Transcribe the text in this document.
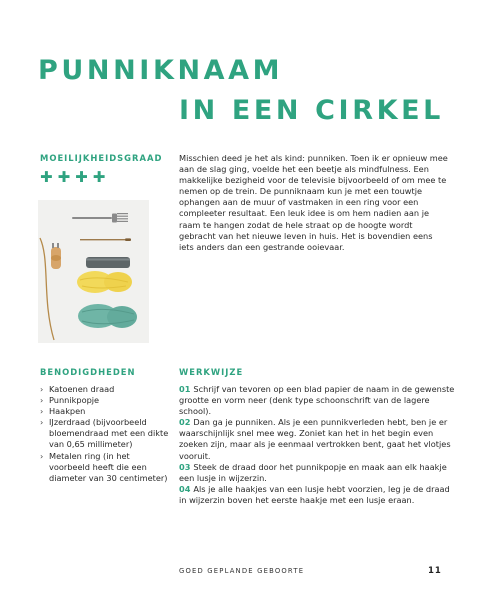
PUNNIKNAAM
IN EEN CIRKEL
MOEILIJKHEIDSGRAAD
✚ ✚ ✚ ✚

Misschien deed je het als kind: punniken. Toen ik er opnieuw mee aan de slag ging, voelde het een beetje als mindfulness. Een makkelijke bezigheid voor de televisie bijvoorbeeld of om mee te nemen op de trein. De punniknaam kun je met een touwtje ophangen aan de muur of vastmaken in een ring voor een compleeter resultaat. Een leuk idee is om hem nadien aan je raam te hangen zodat de hele straat op de hoogte wordt gebracht van het nieuwe leven in huis. Het is bovendien eens iets anders dan een gestrande ooievaar.

BENODIGDHEDEN
› Katoenen draad
› Punnikpopje
› Haakpen
› IJzerdraad (bijvoorbeeld bloemendraad met een dikte van 0,65 millimeter)
› Metalen ring (in het voorbeeld heeft die een diameter van 30 centimeter)
WERKWIJZE

01 Schrijf van tevoren op een blad papier de naam in de gewenste grootte en vorm neer (denk type schoonschrift van de lagere school).

02 Dan ga je punniken. Als je een punnikverleden hebt, ben je er waarschijnlijk snel mee weg. Zoniet kan het in het begin even zoeken zijn, maar als je eenmaal vertrokken bent, gaat het vlotjes vooruit.

03 Steek de draad door het punnikpopje en maak aan elk haakje een lusje in wijzerzin.

04 Als je alle haakjes van een lusje hebt voorzien, leg je de draad in wijzerzin boven het eerste haakje met een lusje eraan.

GOED GEPLANDE GEBOORTE	11
